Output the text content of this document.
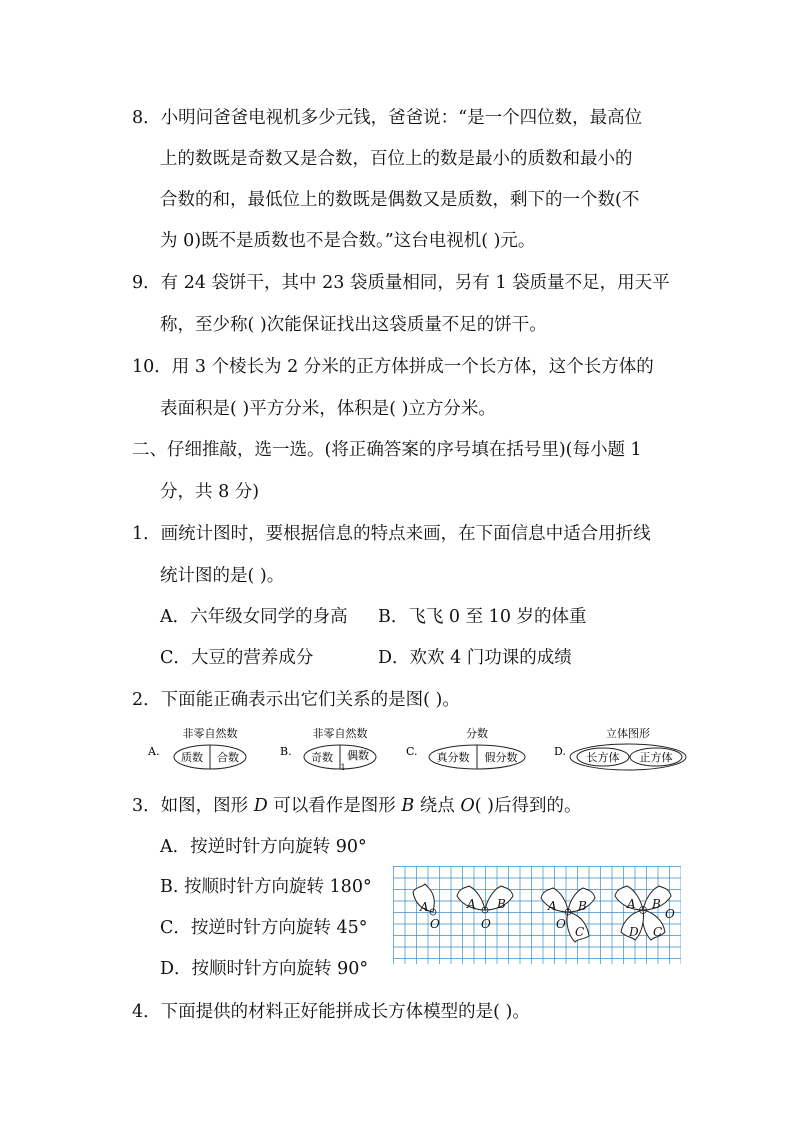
8．小明问爸爸电视机多少元钱，爸爸说：“是一个四位数，最高位
上的数既是奇数又是合数，百位上的数是最小的质数和最小的
合数的和，最低位上的数既是偶数又是质数，剩下的一个数(不
为 0)既不是质数也不是合数。”这台电视机( )元。
9．有 24 袋饼干，其中 23 袋质量相同，另有 1 袋质量不足，用天平
称，至少称( )次能保证找出这袋质量不足的饼干。
10．用 3 个棱长为 2 分米的正方体拼成一个长方体，这个长方体的
表面积是( )平方分米，体积是( )立方分米。
二、仔细推敲，选一选。(将正确答案的序号填在括号里)(每小题 1
分，共 8 分)
1．画统计图时，要根据信息的特点来画，在下面信息中适合用折线
统计图的是( )。
A．六年级女同学的身高 B．飞飞 0 至 10 岁的体重
C．大豆的营养成分	D．欢欢 4 门功课的成绩
2．下面能正确表示出它们关系的是图( )。
A.
非零自然数
质数 合数	B.
非零自然数
奇数 偶数
1
C.
分数
真分数 假分数	D.
立体图形
长方体 正方体
3．如图，图形 D 可以看作是图形 B 绕点 O( )后得到的。
A．按逆时针方向旋转 90°
B. 按顺时针方向旋转 180°
C．按逆时针方向旋转 45°
D．按顺时针方向旋转 90°
A
O
A B
O
A B
O
C
A B
O
D C
4．下面提供的材料正好能拼成长方体模型的是( )。
